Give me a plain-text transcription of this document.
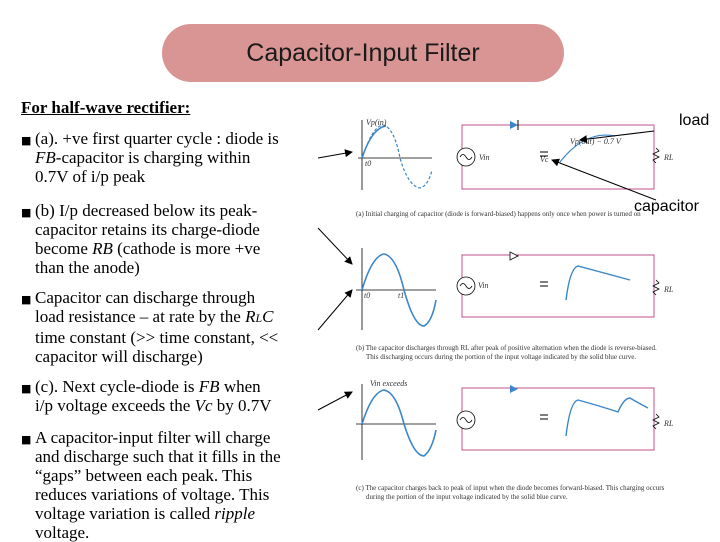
Capacitor-Input Filter
For half-wave rectifier:
■ (a). +ve first quarter cycle : diode is
FB-capacitor is charging within
0.7V of i/p peak
■ (b) I/p decreased below its peak-
capacitor retains its charge-diode
become RB (cathode is more +ve
than the anode)
■ Capacitor can discharge through
load resistance – at rate by the RLC
time constant (>> time constant, <<
capacitor will discharge)
■ (c). Next cycle-diode is FB when
i/p voltage exceeds the Vc by 0.7V
■ A capacitor-input filter will charge
and discharge such that it fills in the
“gaps” between each peak. This
reduces variations of voltage. This
voltage variation is called ripple
voltage.
load
capacitor
Vp(in)
t0
Vin	Vc
Vp(out) − 0.7 V
RL
(a) Initial charging of capacitor (diode is forward-biased) happens only once when power is turned on
t0	t1
Vin	RL
(b) The capacitor discharges through RL after peak of positive alternation when the diode is reverse-biased.
This discharging occurs during the portion of the input voltage indicated by the solid blue curve.
Vin exceeds
RL
(c) The capacitor charges back to peak of input when the diode becomes forward-biased. This charging occurs
during the portion of the input voltage indicated by the solid blue curve.
